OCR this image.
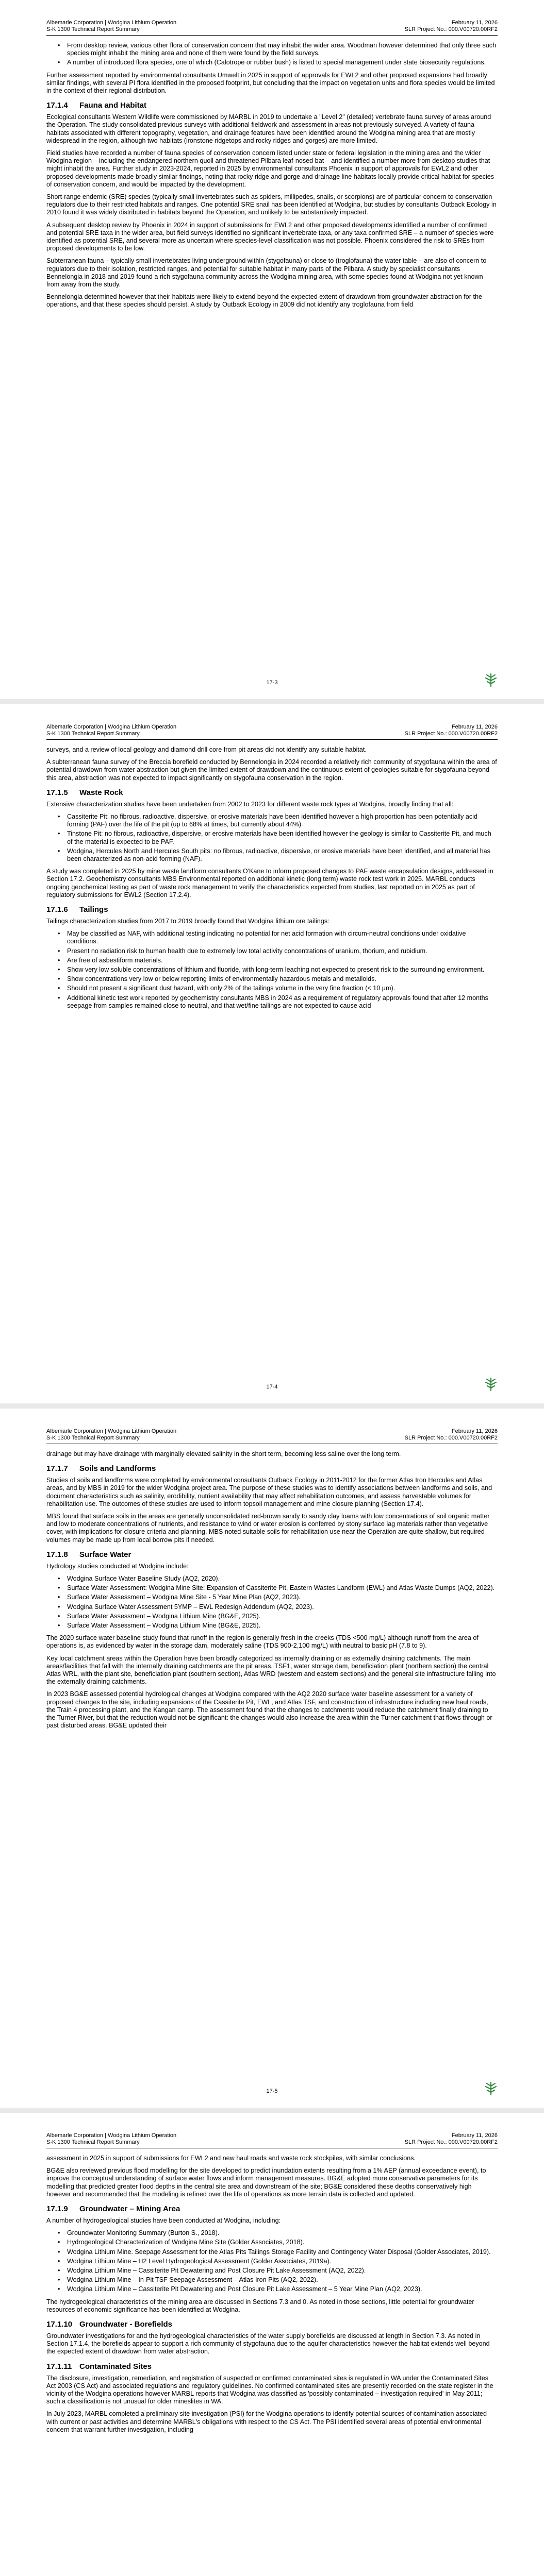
Albemarle Corporation | Wodgina Lithium Operation
S-K 1300 Technical Report Summary
February 11, 2026
SLR Project No.: 000.V00720.00RF2
• From desktop review, various other flora of conservation concern that may inhabit the wider area. Woodman however determined that only three such species might inhabit the mining area and none of them were found by the field surveys.
• A number of introduced flora species, one of which (Calotrope or rubber bush) is listed to special management under state biosecurity regulations.

Further assessment reported by environmental consultants Umwelt in 2025 in support of approvals for EWL2 and other proposed expansions had broadly similar findings, with several PI flora identified in the proposed footprint, but concluding that the impact on vegetation units and flora species would be limited in the context of their regional distribution.

17.1.4 Fauna and Habitat

Ecological consultants Western Wildlife were commissioned by MARBL in 2019 to undertake a "Level 2" (detailed) vertebrate fauna survey of areas around the Operation. The study consolidated previous surveys with additional fieldwork and assessment in areas not previously surveyed. A variety of fauna habitats associated with different topography, vegetation, and drainage features have been identified around the Wodgina mining area that are mostly widespread in the region, although two habitats (ironstone ridgetops and rocky ridges and gorges) are more limited.

Field studies have recorded a number of fauna species of conservation concern listed under state or federal legislation in the mining area and the wider Wodgina region – including the endangered northern quoll and threatened Pilbara leaf-nosed bat – and identified a number more from desktop studies that might inhabit the area. Further study in 2023-2024, reported in 2025 by environmental consultants Phoenix in support of approvals for EWL2 and other proposed developments made broadly similar findings, noting that rocky ridge and gorge and drainage line habitats locally provide critical habitat for species of conservation concern, and would be impacted by the development.

Short-range endemic (SRE) species (typically small invertebrates such as spiders, millipedes, snails, or scorpions) are of particular concern to conservation regulators due to their restricted habitats and ranges. One potential SRE snail has been identified at Wodgina, but studies by consultants Outback Ecology in 2010 found it was widely distributed in habitats beyond the Operation, and unlikely to be substantively impacted.

A subsequent desktop review by Phoenix in 2024 in support of submissions for EWL2 and other proposed developments identified a number of confirmed and potential SRE taxa in the wider area, but field surveys identified no significant invertebrate taxa, or any taxa confirmed SRE – a number of species were identified as potential SRE, and several more as uncertain where species-level classification was not possible. Phoenix considered the risk to SREs from proposed developments to be low.

Subterranean fauna – typically small invertebrates living underground within (stygofauna) or close to (troglofauna) the water table – are also of concern to regulators due to their isolation, restricted ranges, and potential for suitable habitat in many parts of the Pilbara. A study by specialist consultants Bennelongia in 2018 and 2019 found a rich stygofauna community across the Wodgina mining area, with some species found at Wodgina not yet known from away from the study.

Bennelongia determined however that their habitats were likely to extend beyond the expected extent of drawdown from groundwater abstraction for the operations, and that these species should persist. A study by Outback Ecology in 2009 did not identify any troglofauna from field

17-3
Albemarle Corporation | Wodgina Lithium Operation
S-K 1300 Technical Report Summary
February 11, 2026
SLR Project No.: 000.V00720.00RF2

surveys, and a review of local geology and diamond drill core from pit areas did not identify any suitable habitat.

A subterranean fauna survey of the Breccia borefield conducted by Bennelongia in 2024 recorded a relatively rich community of stygofauna within the area of potential drawdown from water abstraction but given the limited extent of drawdown and the continuous extent of geologies suitable for stygofauna beyond this area, abstraction was not expected to impact significantly on stygofauna conservation in the region.

17.1.5 Waste Rock

Extensive characterization studies have been undertaken from 2002 to 2023 for different waste rock types at Wodgina, broadly finding that all:

• Cassiterite Pit: no fibrous, radioactive, dispersive, or erosive materials have been identified however a high proportion has been potentially acid forming (PAF) over the life of the pit (up to 68% at times, but currently about 44%).
• Tinstone Pit: no fibrous, radioactive, dispersive, or erosive materials have been identified however the geology is similar to Cassiterite Pit, and much of the material is expected to be PAF.
• Wodgina, Hercules North and Hercules South pits: no fibrous, radioactive, dispersive, or erosive materials have been identified, and all material has been characterized as non-acid forming (NAF).

A study was completed in 2025 by mine waste landform consultants O'Kane to inform proposed changes to PAF waste encapsulation designs, addressed in Section 17.2. Geochemistry consultants MBS Environmental reported on additional kinetic (long term) waste rock test work in 2025. MARBL conducts ongoing geochemical testing as part of waste rock management to verify the characteristics expected from studies, last reported on in 2025 as part of regulatory submissions for EWL2 (Section 17.2.4).

17.1.6 Tailings

Tailings characterization studies from 2017 to 2019 broadly found that Wodgina lithium ore tailings:

• May be classified as NAF, with additional testing indicating no potential for net acid formation with circum-neutral conditions under oxidative conditions.
• Present no radiation risk to human health due to extremely low total activity concentrations of uranium, thorium, and rubidium.
• Are free of asbestiform materials.
• Show very low soluble concentrations of lithium and fluoride, with long-term leaching not expected to present risk to the surrounding environment.
• Show concentrations very low or below reporting limits of environmentally hazardous metals and metalloids.
• Should not present a significant dust hazard, with only 2% of the tailings volume in the very fine fraction (< 10 µm).
• Additional kinetic test work reported by geochemistry consultants MBS in 2024 as a requirement of regulatory approvals found that after 12 months seepage from samples remained close to neutral, and that wet/fine tailings are not expected to cause acid
17-4
Albemarle Corporation | Wodgina Lithium Operation
S-K 1300 Technical Report Summary
February 11, 2026
SLR Project No.: 000.V00720.00RF2

drainage but may have drainage with marginally elevated salinity in the short term, becoming less saline over the long term.

17.1.7 Soils and Landforms

Studies of soils and landforms were completed by environmental consultants Outback Ecology in 2011-2012 for the former Atlas Iron Hercules and Atlas areas, and by MBS in 2019 for the wider Wodgina project area. The purpose of these studies was to identify associations between landforms and soils, and document characteristics such as salinity, erodibility, nutrient availability that may affect rehabilitation outcomes, and assess harvestable volumes for rehabilitation use. The outcomes of these studies are used to inform topsoil management and mine closure planning (Section 17.4).

MBS found that surface soils in the areas are generally unconsolidated red-brown sandy to sandy clay loams with low concentrations of soil organic matter and low to moderate concentrations of nutrients, and resistance to wind or water erosion is conferred by stony surface lag materials rather than vegetative cover, with implications for closure criteria and planning. MBS noted suitable soils for rehabilitation use near the Operation are quite shallow, but required volumes may be made up from local borrow pits if needed.

17.1.8 Surface Water

Hydrology studies conducted at Wodgina include:

• Wodgina Surface Water Baseline Study (AQ2, 2020).
• Surface Water Assessment: Wodgina Mine Site: Expansion of Cassiterite Pit, Eastern Wastes Landform (EWL) and Atlas Waste Dumps (AQ2, 2022).
• Surface Water Assessment – Wodgina Mine Site - 5 Year Mine Plan (AQ2, 2023).
• Wodgina Surface Water Assessment 5YMP – EWL Redesign Addendum (AQ2, 2023).
• Surface Water Assessment – Wodgina Lithium Mine (BG&E, 2025).
• Surface Water Assessment – Wodgina Lithium Mine (BG&E, 2025).

The 2020 surface water baseline study found that runoff in the region is generally fresh in the creeks (TDS <500 mg/L) although runoff from the area of operations is, as evidenced by water in the storage dam, moderately saline (TDS 900-2,100 mg/L) with neutral to basic pH (7.8 to 9).

Key local catchment areas within the Operation have been broadly categorized as internally draining or as externally draining catchments. The main areas/facilities that fall with the internally draining catchments are the pit areas, TSF1, water storage dam, beneficiation plant (northern section) the central Atlas WRL, with the plant site, beneficiation plant (southern section), Atlas WRD (western and eastern sections) and the general site infrastructure falling into the externally draining catchments.

In 2023 BG&E assessed potential hydrological changes at Wodgina compared with the AQ2 2020 surface water baseline assessment for a variety of proposed changes to the site, including expansions of the Cassiterite Pit, EWL, and Atlas TSF, and construction of infrastructure including new haul roads, the Train 4 processing plant, and the Kangan camp. The assessment found that the changes to catchments would reduce the catchment finally draining to the Turner River, but that the reduction would not be significant: the changes would also increase the area within the Turner catchment that flows through or past disturbed areas. BG&E updated their

17-5
Albemarle Corporation | Wodgina Lithium Operation
S-K 1300 Technical Report Summary
February 11, 2026
SLR Project No.: 000.V00720.00RF2

assessment in 2025 in support of submissions for EWL2 and new haul roads and waste rock stockpiles, with similar conclusions.

BG&E also reviewed previous flood modelling for the site developed to predict inundation extents resulting from a 1% AEP (annual exceedance event), to improve the conceptual understanding of surface water flows and inform management measures. BG&E adopted more conservative parameters for its modelling that predicted greater flood depths in the central site area and downstream of the site; BG&E considered these depths conservatively high however and recommended that the modeling is refined over the life of operations as more terrain data is collected and updated.

17.1.9 Groundwater – Mining Area

A number of hydrogeological studies have been conducted at Wodgina, including:

• Groundwater Monitoring Summary (Burton S., 2018).
• Hydrogeological Characterization of Wodgina Mine Site (Golder Associates, 2018).
• Wodgina Lithium Mine. Seepage Assessment for the Atlas Pits Tailings Storage Facility and Contingency Water Disposal (Golder Associates, 2019).
• Wodgina Lithium Mine – H2 Level Hydrogeological Assessment (Golder Associates, 2019a).
• Wodgina Lithium Mine – Cassiterite Pit Dewatering and Post Closure Pit Lake Assessment (AQ2, 2022).
• Wodgina Lithium Mine – In-Pit TSF Seepage Assessment – Atlas Iron Pits (AQ2, 2022).
• Wodgina Lithium Mine – Cassiterite Pit Dewatering and Post Closure Pit Lake Assessment – 5 Year Mine Plan (AQ2, 2023).

The hydrogeological characteristics of the mining area are discussed in Sections 7.3 and 0. As noted in those sections, little potential for groundwater resources of economic significance has been identified at Wodgina.

17.1.10 Groundwater - Borefields

Groundwater investigations for and the hydrogeological characteristics of the water supply borefields are discussed at length in Section 7.3. As noted in Section 17.1.4, the borefields appear to support a rich community of stygofauna due to the aquifer characteristics however the habitat extends well beyond the expected extent of drawdown from water abstraction.

17.1.11 Contaminated Sites

The disclosure, investigation, remediation, and registration of suspected or confirmed contaminated sites is regulated in WA under the Contaminated Sites Act 2003 (CS Act) and associated regulations and regulatory guidelines. No confirmed contaminated sites are presently recorded on the state register in the vicinity of the Wodgina operations however MARBL reports that Wodgina was classified as 'possibly contaminated – investigation required' in May 2011; such a classification is not unusual for older mineslites in WA.

In July 2023, MARBL completed a preliminary site investigation (PSI) for the Wodgina operations to identify potential sources of contamination associated with current or past activities and determine MARBL's obligations with respect to the CS Act. The PSI identified several areas of potential environmental concern that warrant further investigation, including
